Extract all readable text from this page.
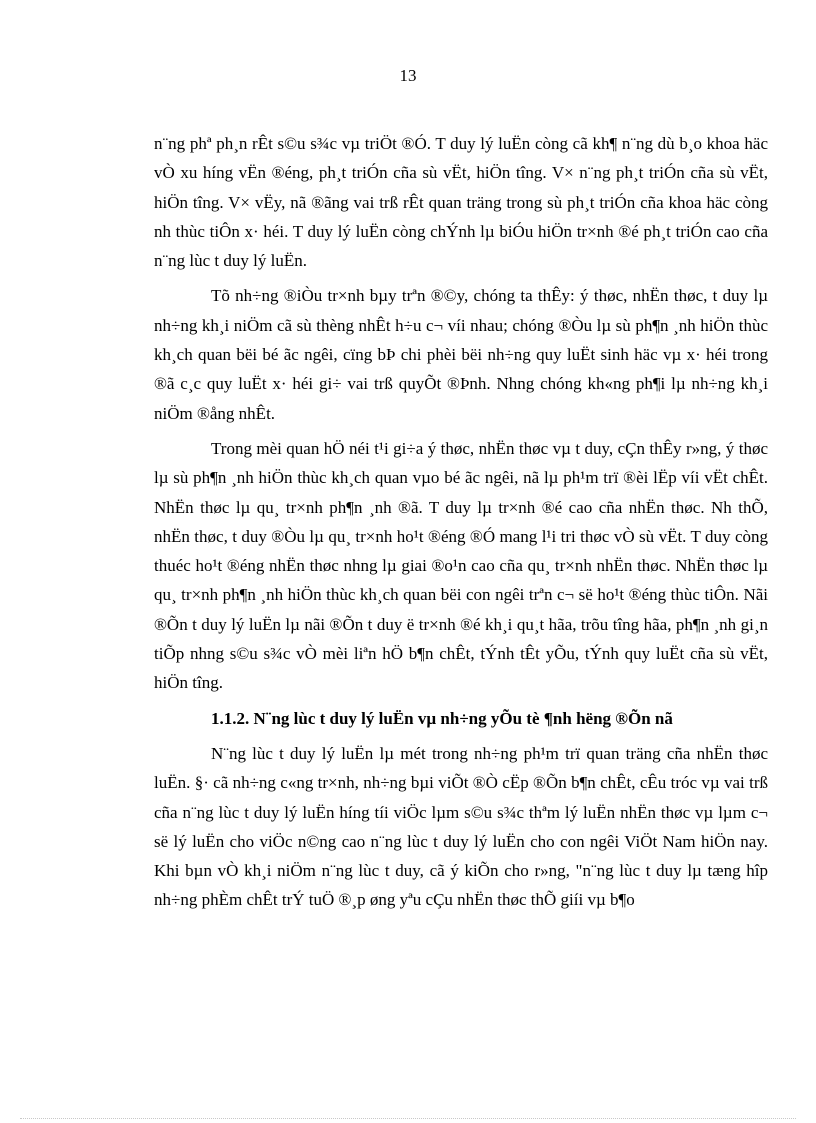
13

n¨ng phª ph¸n rÊt s©u s¾c vµ triÖt ®Ó. T duy lý luËn còng cã kh¶ n¨ng dù b¸o khoa häc vÒ xu híng vËn ®éng, ph¸t triÓn cña sù vËt, hiÖn tîng. V× n¨ng ph¸t triÓn cña sù vËt, hiÖn tîng. V× vËy, nã ®ãng vai trß rÊt quan träng trong sù ph¸t triÓn cña khoa häc còng nh thùc tiÔn x· héi. T duy lý luËn còng chÝnh lµ biÓu hiÖn tr×nh ®é ph¸t triÓn cao cña n¨ng lùc t duy lý luËn.

Tõ nh÷ng ®iÒu tr×nh bµy trªn ®©y, chóng ta thÊy: ý thøc, nhËn thøc, t duy lµ nh÷ng kh¸i niÖm cã sù thèng nhÊt h÷u c¬ víi nhau; chóng ®Òu lµ sù ph¶n ¸nh hiÖn thùc kh¸ch quan bëi bé ãc ngêi, cïng bÞ chi phèi bëi nh÷ng quy luËt sinh häc vµ x· héi trong ®ã c¸c quy luËt x· héi gi÷ vai trß quyÕt ®Þnh. Nhng chóng kh«ng ph¶i lµ nh÷ng kh¸i niÖm ®ång nhÊt.

Trong mèi quan hÖ néi t¹i gi÷a ý thøc, nhËn thøc vµ t duy, cÇn thÊy r»ng, ý thøc lµ sù ph¶n ¸nh hiÖn thùc kh¸ch quan vµo bé ãc ngêi, nã lµ ph¹m trï ®èi lËp víi vËt chÊt. NhËn thøc lµ qu¸ tr×nh ph¶n ¸nh ®ã. T duy lµ tr×nh ®é cao cña nhËn thøc. Nh thÕ, nhËn thøc, t duy ®Òu lµ qu¸ tr×nh ho¹t ®éng ®Ó mang l¹i tri thøc vÒ sù vËt. T duy còng thuéc ho¹t ®éng nhËn thøc nhng lµ giai ®o¹n cao cña qu¸ tr×nh nhËn thøc. NhËn thøc lµ qu¸ tr×nh ph¶n ¸nh hiÖn thùc kh¸ch quan bëi con ngêi trªn c¬ së ho¹t ®éng thùc tiÔn. Nãi ®Õn t duy lý luËn lµ nãi ®Õn t duy ë tr×nh ®é kh¸i qu¸t hãa, trõu tîng hãa, ph¶n ¸nh gi¸n tiÕp nhng s©u s¾c vÒ mèi liªn hÖ b¶n chÊt, tÝnh tÊt yÕu, tÝnh quy luËt cña sù vËt, hiÖn tîng.

1.1.2. N¨ng lùc t duy lý luËn vµ nh÷ng yÕu tè ¶nh hëng ®Õn nã

N¨ng lùc t duy lý luËn lµ mét trong nh÷ng ph¹m trï quan träng cña nhËn thøc luËn. §· cã nh÷ng c«ng tr×nh, nh÷ng bµi viÕt ®Ò cËp ®Õn b¶n chÊt, cÊu tróc vµ vai trß cña n¨ng lùc t duy lý luËn híng tíi viÖc lµm s©u s¾c thªm lý luËn nhËn thøc vµ lµm c¬ së lý luËn cho viÖc n©ng cao n¨ng lùc t duy lý luËn cho con ngêi ViÖt Nam hiÖn nay. Khi bµn vÒ kh¸i niÖm n¨ng lùc t duy, cã ý kiÕn cho r»ng, "n¨ng lùc t duy lµ tæng hîp nh÷ng phÈm chÊt trÝ tuÖ ®¸p øng yªu cÇu nhËn thøc thÕ giíi vµ b¶o
